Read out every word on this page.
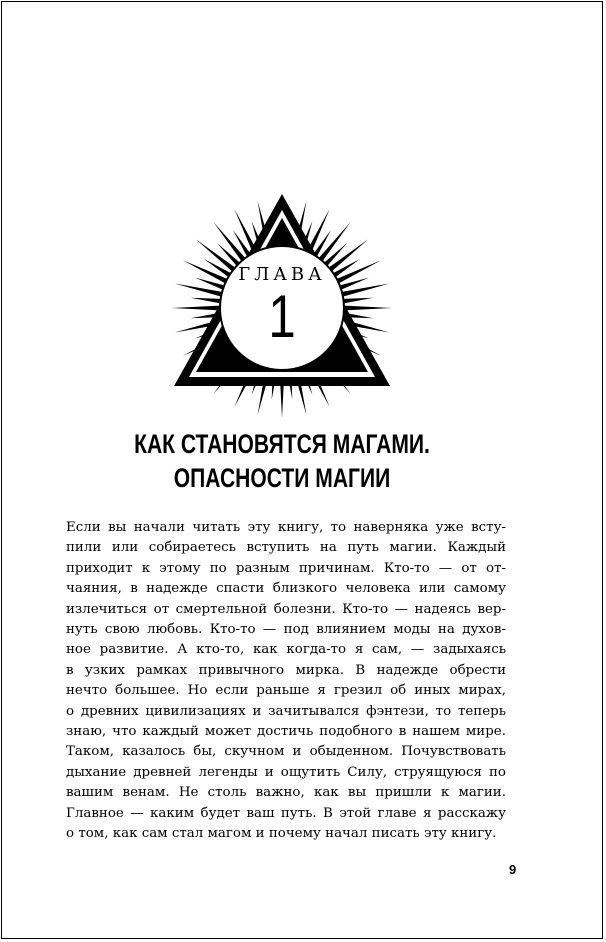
ГЛАВА
1
КАК СТАНОВЯТСЯ МАГАМИ.
ОПАСНОСТИ МАГИИ
Если вы начали читать эту книгу, то наверняка уже всту-
пили или собираетесь вступить на путь магии. Каждый
приходит к этому по разным причинам. Кто-то — от от-
чаяния, в надежде спасти близкого человека или самому
излечиться от смертельной болезни. Кто-то — надеясь вер-
нуть свою любовь. Кто-то — под влиянием моды на духов-
ное развитие. А кто-то, как когда-то я сам, — задыхаясь
в узких рамках привычного мирка. В надежде обрести
нечто большее. Но если раньше я грезил об иных мирах,
о древних цивилизациях и зачитывался фэнтези, то теперь
знаю, что каждый может достичь подобного в нашем мире.
Таком, казалось бы, скучном и обыденном. Почувствовать
дыхание древней легенды и ощутить Силу, струящуюся по
вашим венам. Не столь важно, как вы пришли к магии.
Главное — каким будет ваш путь. В этой главе я расскажу
о том, как сам стал магом и почему начал писать эту книгу.
9
